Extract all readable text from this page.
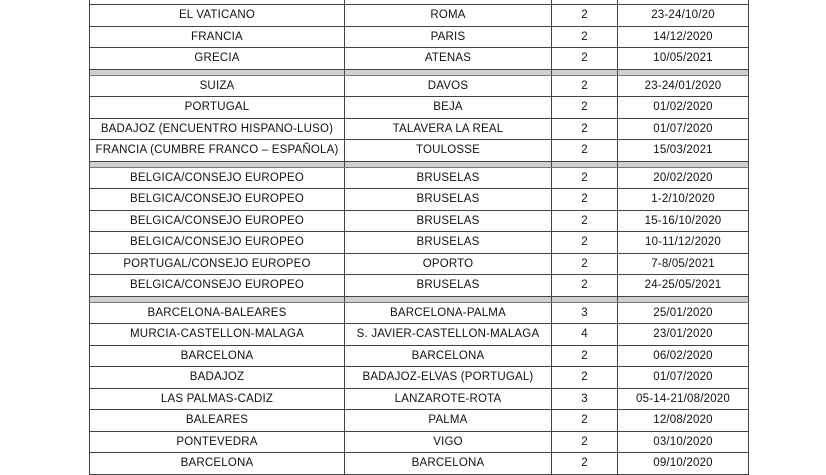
EL VATICANO	ROMA	2	23-24/10/20
FRANCIA	PARIS	2	14/12/2020
GRECIA	ATENAS	2	10/05/2021

SUIZA	DAVOS	2	23-24/01/2020
PORTUGAL	BEJA	2	01/02/2020
BADAJOZ (ENCUENTRO HISPANO-LUSO)	TALAVERA LA REAL	2	01/07/2020
FRANCIA (CUMBRE FRANCO – ESPAÑOLA)	TOULOSSE	2	15/03/2021

BELGICA/CONSEJO EUROPEO	BRUSELAS	2	20/02/2020
BELGICA/CONSEJO EUROPEO	BRUSELAS	2	1-2/10/2020
BELGICA/CONSEJO EUROPEO	BRUSELAS	2	15-16/10/2020
BELGICA/CONSEJO EUROPEO	BRUSELAS	2	10-11/12/2020
PORTUGAL/CONSEJO EUROPEO	OPORTO	2	7-8/05/2021
BELGICA/CONSEJO EUROPEO	BRUSELAS	2	24-25/05/2021

BARCELONA-BALEARES	BARCELONA-PALMA	3	25/01/2020
MURCIA-CASTELLON-MALAGA	S. JAVIER-CASTELLON-MALAGA	4	23/01/2020
BARCELONA	BARCELONA	2	06/02/2020
BADAJOZ	BADAJOZ-ELVAS (PORTUGAL)	2	01/07/2020
LAS PALMAS-CADIZ	LANZAROTE-ROTA	3	05-14-21/08/2020
BALEARES	PALMA	2	12/08/2020
PONTEVEDRA	VIGO	2	03/10/2020
BARCELONA	BARCELONA	2	09/10/2020
